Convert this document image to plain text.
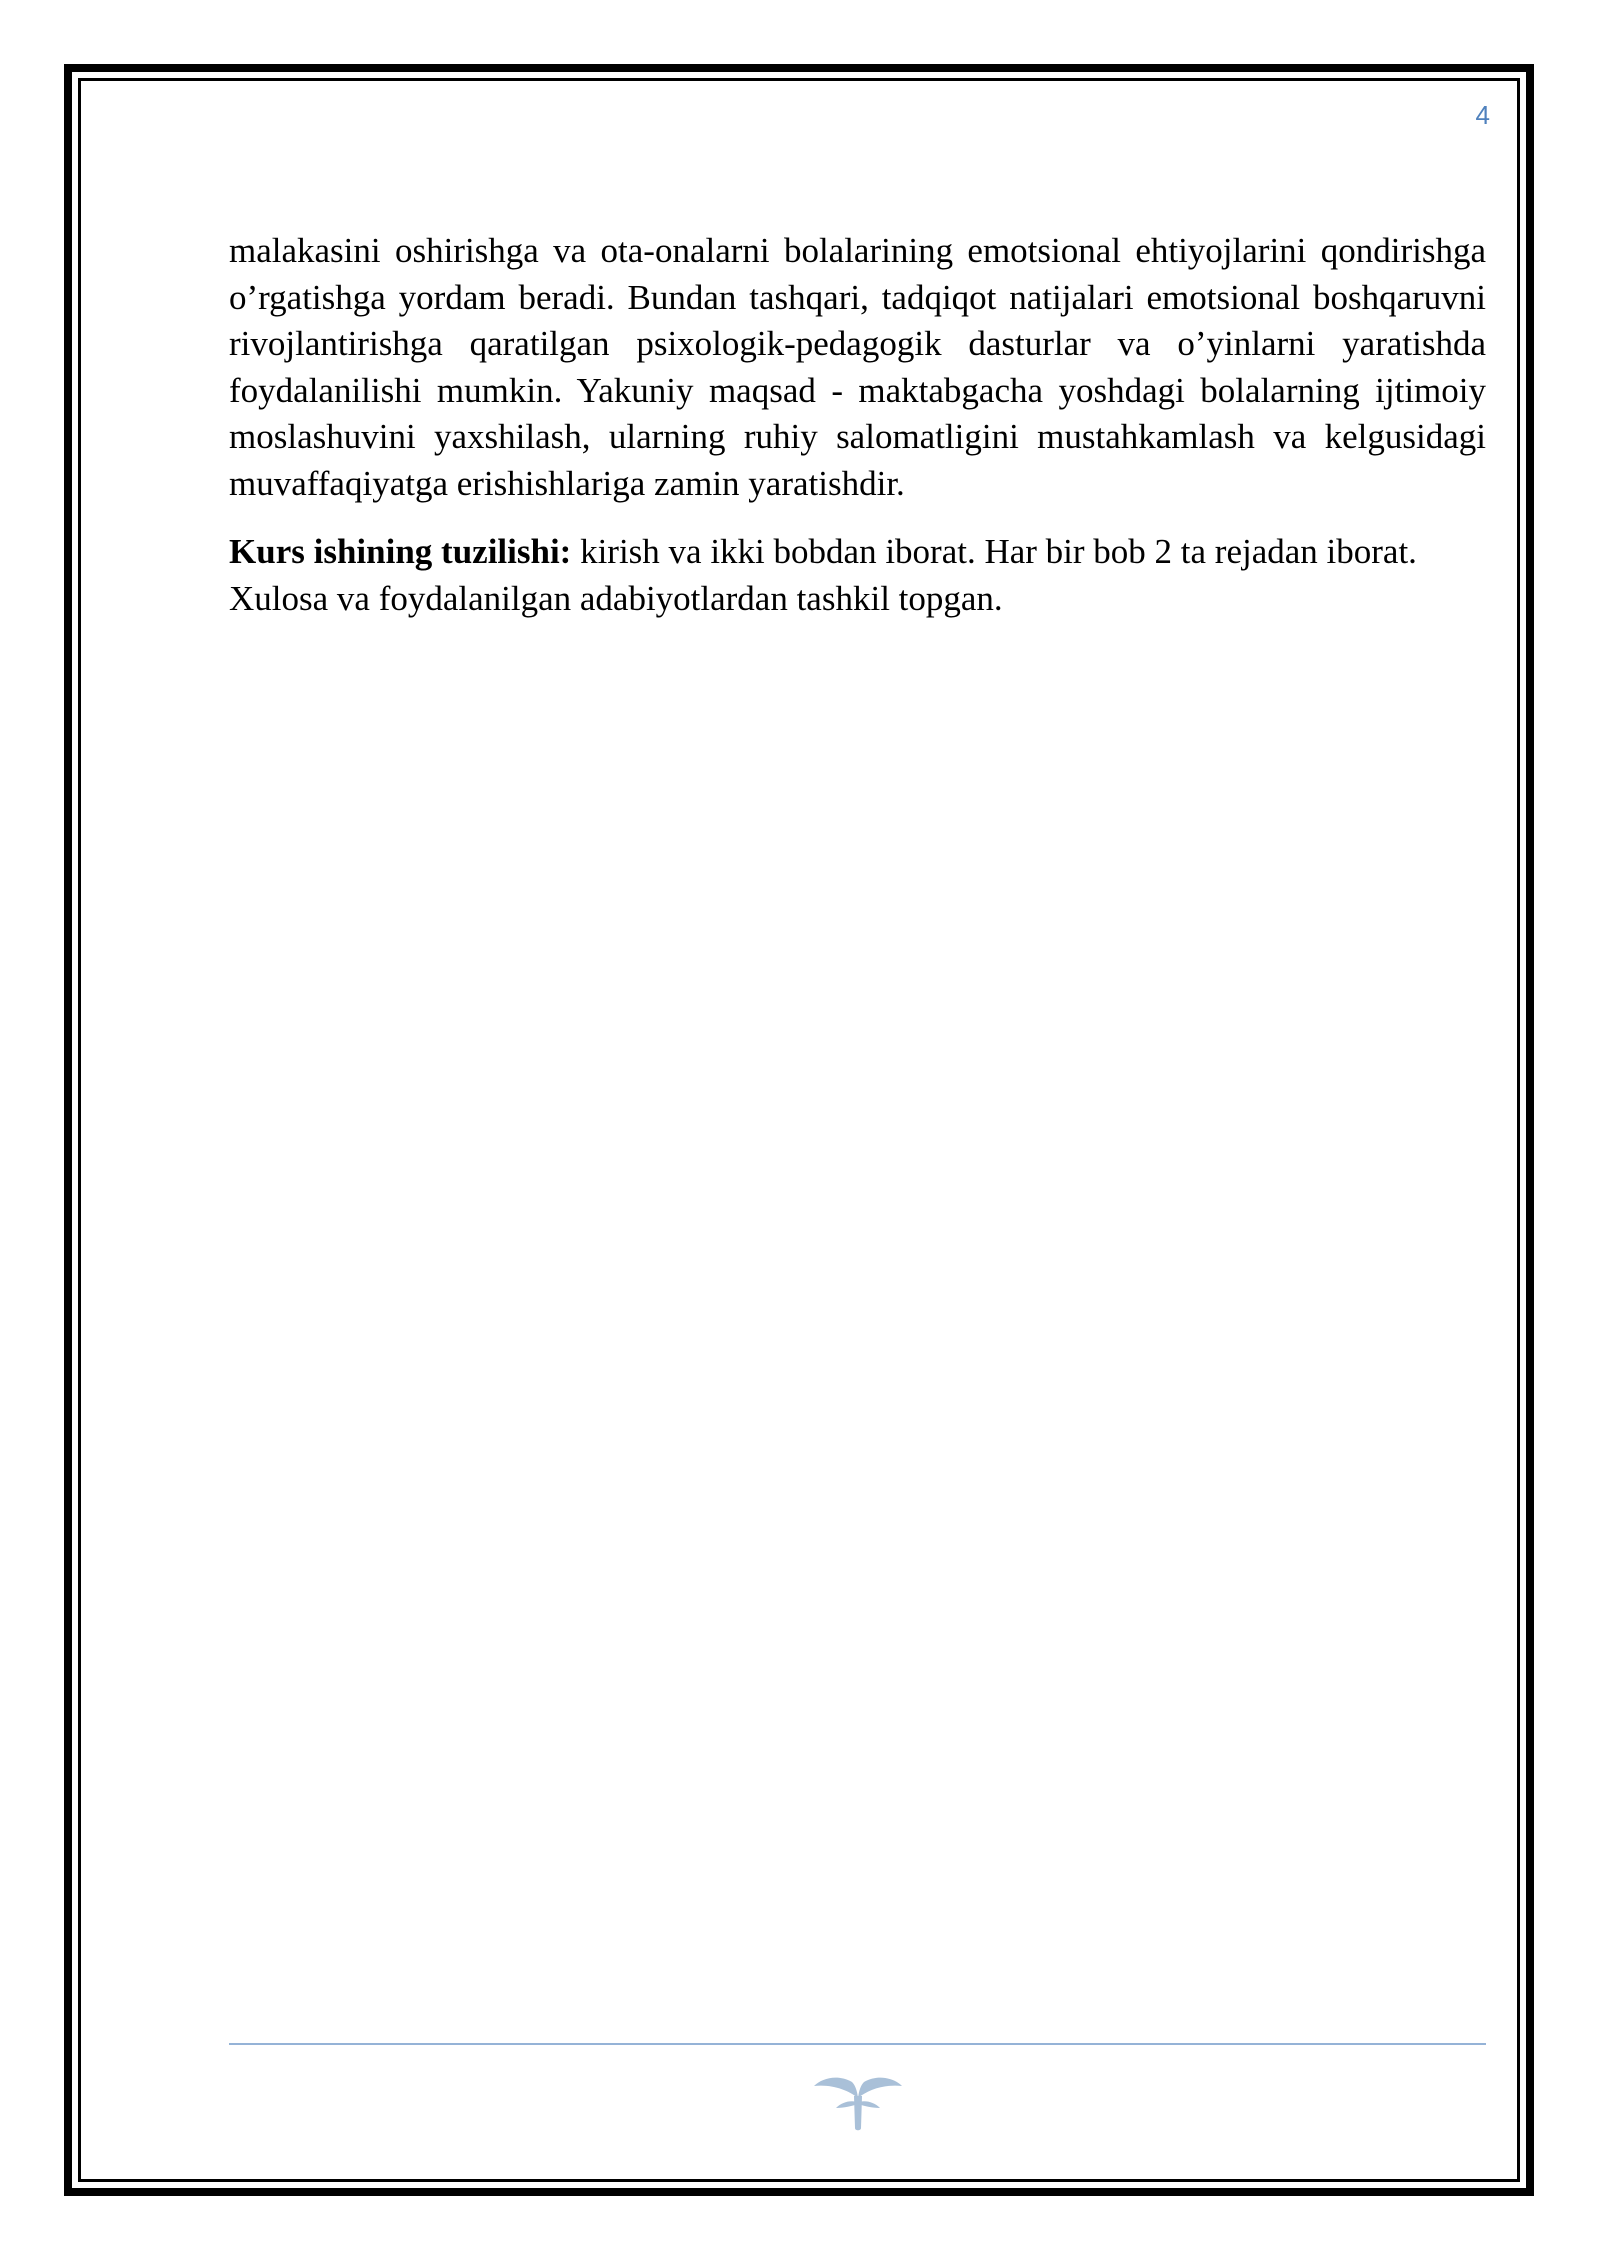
4

malakasini oshirishga va ota-onalarni bolalarining emotsional ehtiyojlarini qondirishga o’rgatishga yordam beradi. Bundan tashqari, tadqiqot natijalari emotsional boshqaruvni rivojlantirishga qaratilgan psixologik-pedagogik dasturlar va o’yinlarni yaratishda foydalanilishi mumkin. Yakuniy maqsad - maktabgacha yoshdagi bolalarning ijtimoiy moslashuvini yaxshilash, ularning ruhiy salomatligini mustahkamlash va kelgusidagi muvaffaqiyatga erishishlariga zamin yaratishdir.

Kurs ishining tuzilishi: kirish va ikki bobdan iborat. Har bir bob 2 ta rejadan iborat. Xulosa va foydalanilgan adabiyotlardan tashkil topgan.
